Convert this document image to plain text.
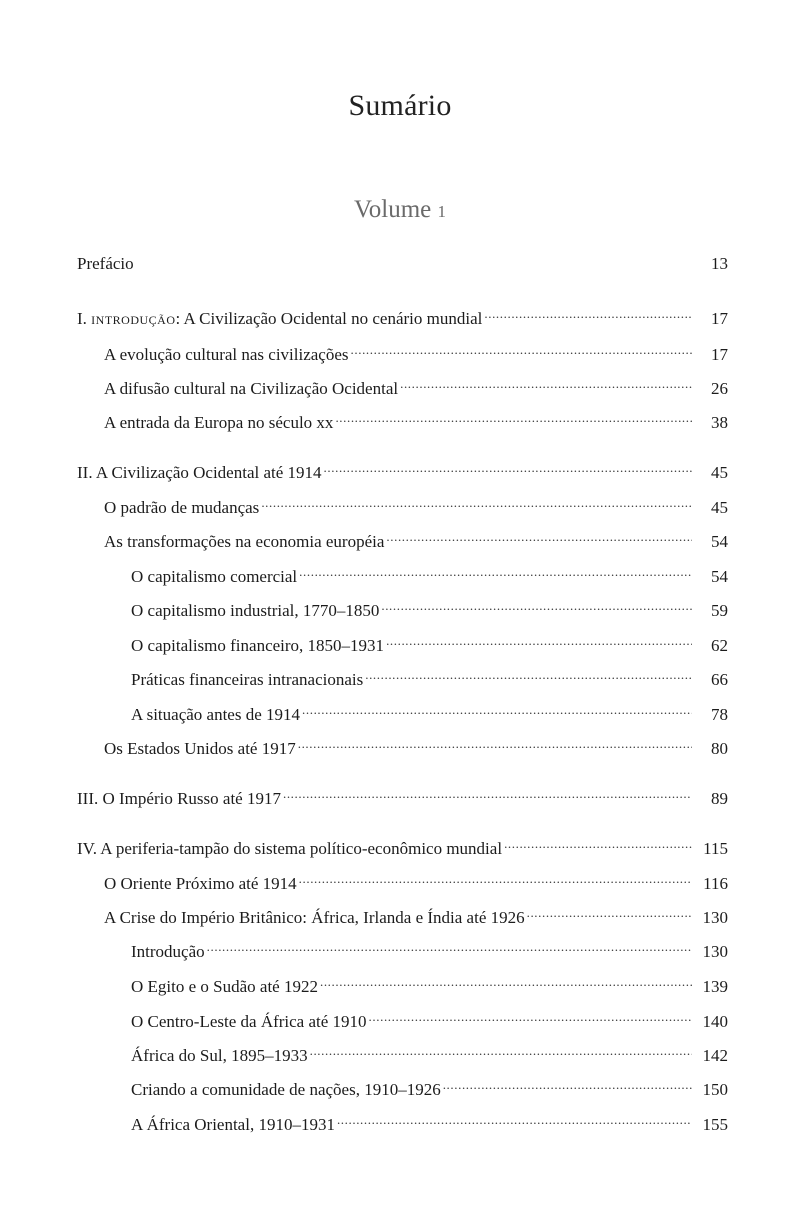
Sumário
Volume 1
Prefácio	13
I. introdução: A Civilização Ocidental no cenário mundial .....	17
A evolução cultural nas civilizações .....	17
A difusão cultural na Civilização Ocidental .....	26
A entrada da Europa no século xx .....	38
II. A Civilização Ocidental até 1914 .....	45
O padrão de mudanças .....	45
As transformações na economia européia .....	54
O capitalismo comercial .....	54
O capitalismo industrial, 1770–1850 .....	59
O capitalismo financeiro, 1850–1931 .....	62
Práticas financeiras intranacionais .....	66
A situação antes de 1914 .....	78
Os Estados Unidos até 1917 .....	80
III. O Império Russo até 1917 .....	89
IV. A periferia-tampão do sistema político-econômico mundial .....	115
O Oriente Próximo até 1914 .....	116
A Crise do Império Britânico: África, Irlanda e Índia até 1926 .....	130
Introdução .....	130
O Egito e o Sudão até 1922 .....	139
O Centro-Leste da África até 1910 .....	140
África do Sul, 1895–1933 .....	142
Criando a comunidade de nações, 1910–1926 .....	150
A África Oriental, 1910–1931 .....	155
